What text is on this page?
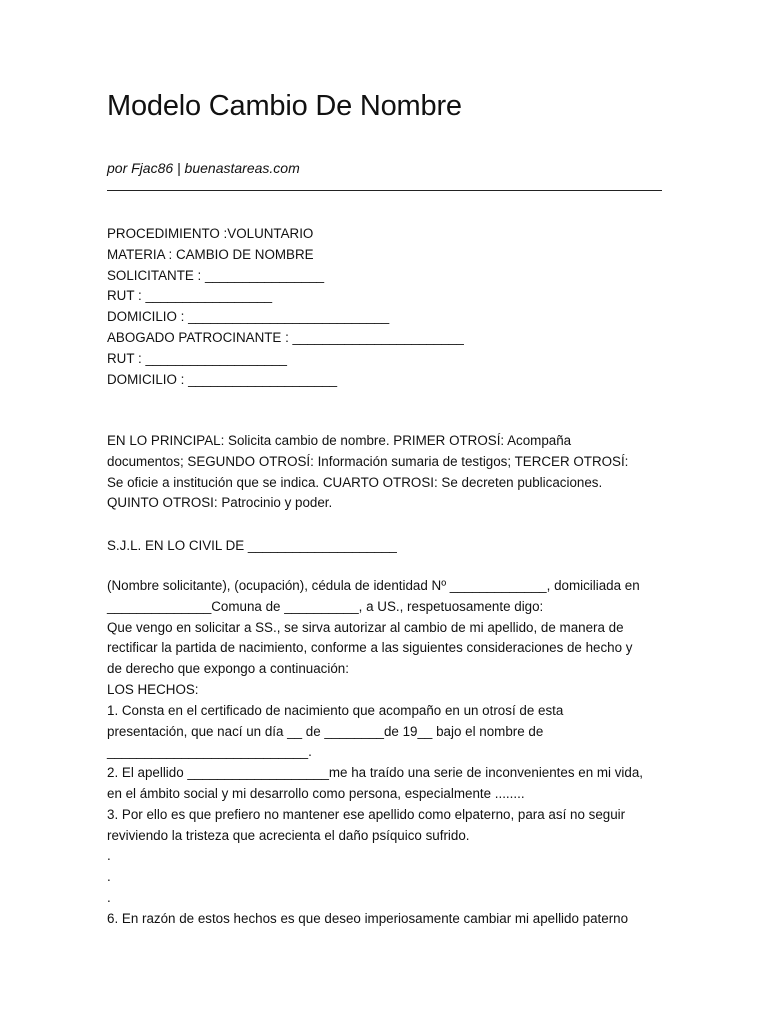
Modelo Cambio De Nombre
por Fjac86 | buenastareas.com
PROCEDIMIENTO :VOLUNTARIO
MATERIA : CAMBIO DE NOMBRE
SOLICITANTE : ________________
RUT : _________________
DOMICILIO : ___________________________
ABOGADO PATROCINANTE : _______________________
RUT : ___________________
DOMICILIO : ____________________
EN LO PRINCIPAL: Solicita cambio de nombre. PRIMER OTROSÍ: Acompaña
documentos; SEGUNDO OTROSÍ: Información sumaria de testigos; TERCER OTROSÍ:
Se oficie a institución que se indica. CUARTO OTROSI: Se decreten publicaciones.
QUINTO OTROSI: Patrocinio y poder.
S.J.L. EN LO CIVIL DE ____________________
(Nombre solicitante), (ocupación), cédula de identidad Nº _____________, domiciliada en
______________Comuna de __________, a US., respetuosamente digo:
Que vengo en solicitar a SS., se sirva autorizar al cambio de mi apellido, de manera de
rectificar la partida de nacimiento, conforme a las siguientes consideraciones de hecho y
de derecho que expongo a continuación:
LOS HECHOS:
1. Consta en el certificado de nacimiento que acompaño en un otrosí de esta
presentación, que nací un día __ de ________de 19__ bajo el nombre de
___________________________.
2. El apellido ___________________me ha traído una serie de inconvenientes en mi vida,
en el ámbito social y mi desarrollo como persona, especialmente ........
3. Por ello es que prefiero no mantener ese apellido como elpaterno, para así no seguir
reviviendo la tristeza que acrecienta el daño psíquico sufrido.
.
.
.
6. En razón de estos hechos es que deseo imperiosamente cambiar mi apellido paterno
